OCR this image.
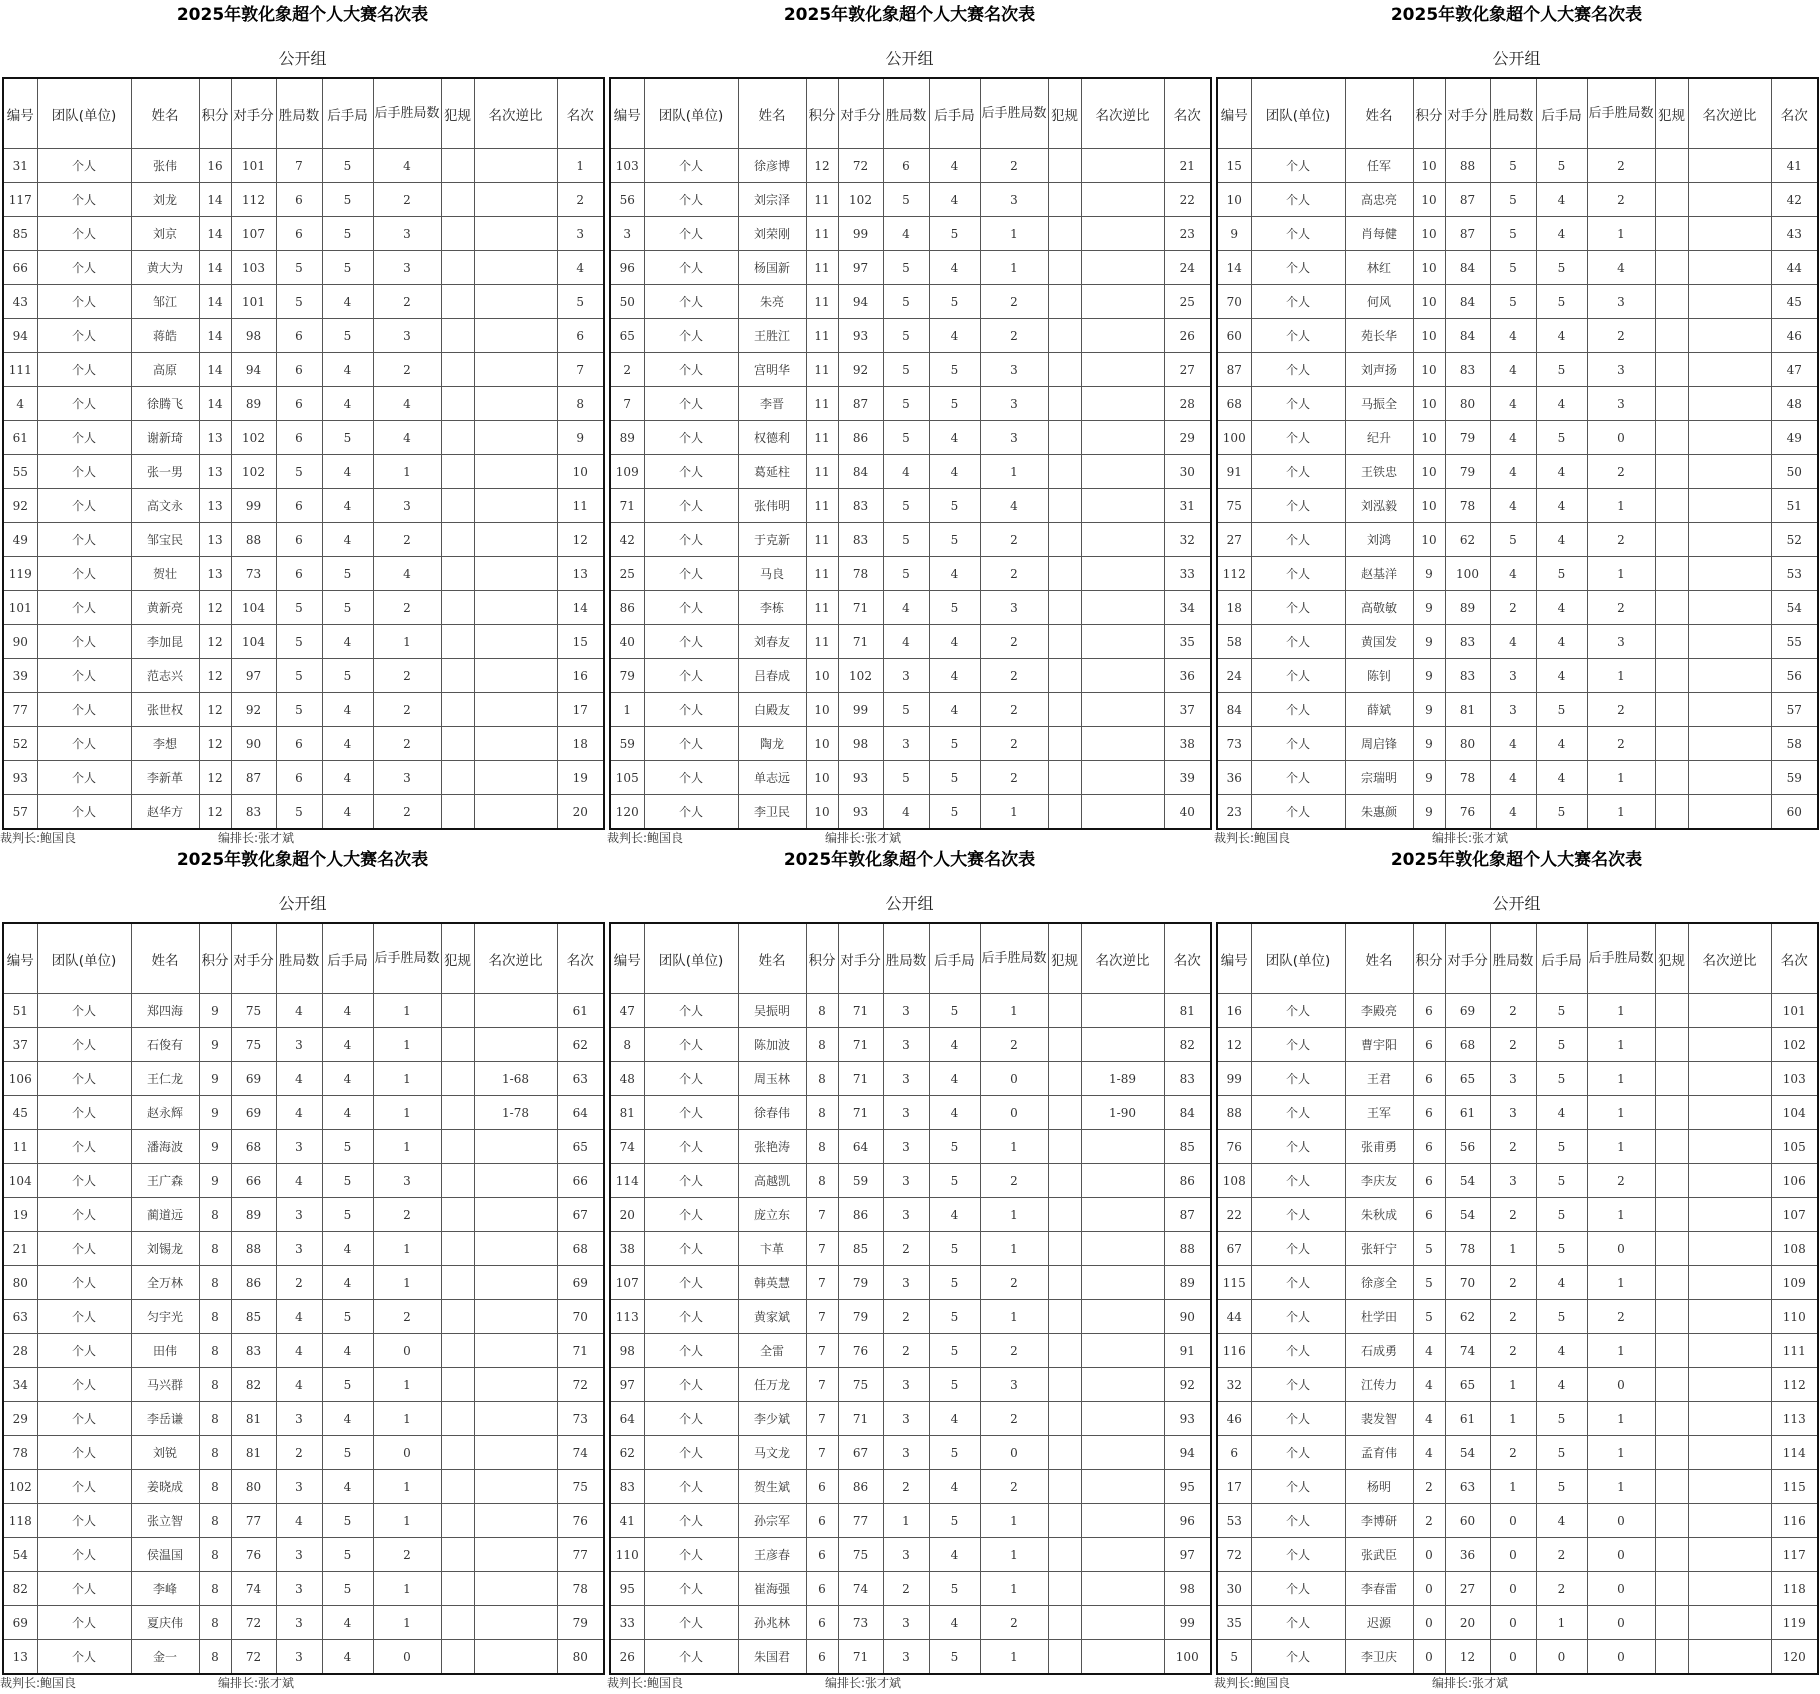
2025年敦化象超个人大赛名次表
公开组
编号	团队(单位)	姓名	积分	对手分	胜局数	后手局	后手胜局数	犯规	名次逆比	名次
31	个人	张伟	16	101	7	5	4			1
117	个人	刘龙	14	112	6	5	2			2
85	个人	刘京	14	107	6	5	3			3
66	个人	黄大为	14	103	5	5	3			4
43	个人	邹江	14	101	5	4	2			5
94	个人	蒋皓	14	98	6	5	3			6
111	个人	高原	14	94	6	4	2			7
4	个人	徐腾飞	14	89	6	4	4			8
61	个人	谢新琦	13	102	6	5	4			9
55	个人	张一男	13	102	5	4	1			10
92	个人	高文永	13	99	6	4	3			11
49	个人	邹宝民	13	88	6	4	2			12
119	个人	贺壮	13	73	6	5	4			13
101	个人	黄新亮	12	104	5	5	2			14
90	个人	李加昆	12	104	5	4	1			15
39	个人	范志兴	12	97	5	5	2			16
77	个人	张世权	12	92	5	4	2			17
52	个人	李想	12	90	6	4	2			18
93	个人	李新革	12	87	6	4	3			19
57	个人	赵华方	12	83	5	4	2			20
裁判长:鲍国良	编排长:张才斌
2025年敦化象超个人大赛名次表
公开组
编号	团队(单位)	姓名	积分	对手分	胜局数	后手局	后手胜局数	犯规	名次逆比	名次
103	个人	徐彦博	12	72	6	4	2			21
56	个人	刘宗泽	11	102	5	4	3			22
3	个人	刘荣刚	11	99	4	5	1			23
96	个人	杨国新	11	97	5	4	1			24
50	个人	朱亮	11	94	5	5	2			25
65	个人	王胜江	11	93	5	4	2			26
2	个人	宫明华	11	92	5	5	3			27
7	个人	李晋	11	87	5	5	3			28
89	个人	权德利	11	86	5	4	3			29
109	个人	葛延柱	11	84	4	4	1			30
71	个人	张伟明	11	83	5	5	4			31
42	个人	于克新	11	83	5	5	2			32
25	个人	马良	11	78	5	4	2			33
86	个人	李栋	11	71	4	5	3			34
40	个人	刘春友	11	71	4	4	2			35
79	个人	吕春成	10	102	3	4	2			36
1	个人	白殿友	10	99	5	4	2			37
59	个人	陶龙	10	98	3	5	2			38
105	个人	单志远	10	93	5	5	2			39
120	个人	李卫民	10	93	4	5	1			40
裁判长:鲍国良	编排长:张才斌
2025年敦化象超个人大赛名次表
公开组
编号	团队(单位)	姓名	积分	对手分	胜局数	后手局	后手胜局数	犯规	名次逆比	名次
15	个人	任军	10	88	5	5	2			41
10	个人	高忠亮	10	87	5	4	2			42
9	个人	肖每健	10	87	5	4	1			43
14	个人	林红	10	84	5	5	4			44
70	个人	何风	10	84	5	5	3			45
60	个人	苑长华	10	84	4	4	2			46
87	个人	刘声扬	10	83	4	5	3			47
68	个人	马振全	10	80	4	4	3			48
100	个人	纪升	10	79	4	5	0			49
91	个人	王铁忠	10	79	4	4	2			50
75	个人	刘泓毅	10	78	4	4	1			51
27	个人	刘鸿	10	62	5	4	2			52
112	个人	赵基洋	9	100	4	5	1			53
18	个人	高敬敏	9	89	2	4	2			54
58	个人	黄国发	9	83	4	4	3			55
24	个人	陈钊	9	83	3	4	1			56
84	个人	薛斌	9	81	3	5	2			57
73	个人	周启锋	9	80	4	4	2			58
36	个人	宗瑞明	9	78	4	4	1			59
23	个人	朱惠颜	9	76	4	5	1			60
裁判长:鲍国良	编排长:张才斌
2025年敦化象超个人大赛名次表
公开组
编号	团队(单位)	姓名	积分	对手分	胜局数	后手局	后手胜局数	犯规	名次逆比	名次
51	个人	郑四海	9	75	4	4	1			61
37	个人	石俊有	9	75	3	4	1			62
106	个人	王仁龙	9	69	4	4	1		1-68	63
45	个人	赵永辉	9	69	4	4	1		1-78	64
11	个人	潘海波	9	68	3	5	1			65
104	个人	王广森	9	66	4	5	3			66
19	个人	蔺道远	8	89	3	5	2			67
21	个人	刘锡龙	8	88	3	4	1			68
80	个人	全万林	8	86	2	4	1			69
63	个人	匀宇光	8	85	4	5	2			70
28	个人	田伟	8	83	4	4	0			71
34	个人	马兴群	8	82	4	5	1			72
29	个人	李岳谦	8	81	3	4	1			73
78	个人	刘锐	8	81	2	5	0			74
102	个人	姜晓成	8	80	3	4	1			75
118	个人	张立智	8	77	4	5	1			76
54	个人	侯温国	8	76	3	5	2			77
82	个人	李峰	8	74	3	5	1			78
69	个人	夏庆伟	8	72	3	4	1			79
13	个人	金一	8	72	3	4	0			80
裁判长:鲍国良	编排长:张才斌
2025年敦化象超个人大赛名次表
公开组
编号	团队(单位)	姓名	积分	对手分	胜局数	后手局	后手胜局数	犯规	名次逆比	名次
47	个人	吴振明	8	71	3	5	1			81
8	个人	陈加波	8	71	3	4	2			82
48	个人	周玉林	8	71	3	4	0		1-89	83
81	个人	徐春伟	8	71	3	4	0		1-90	84
74	个人	张艳涛	8	64	3	5	1			85
114	个人	高越凯	8	59	3	5	2			86
20	个人	庞立东	7	86	3	4	1			87
38	个人	卞革	7	85	2	5	1			88
107	个人	韩英慧	7	79	3	5	2			89
113	个人	黄家斌	7	79	2	5	1			90
98	个人	全雷	7	76	2	5	2			91
97	个人	任万龙	7	75	3	5	3			92
64	个人	李少斌	7	71	3	4	2			93
62	个人	马文龙	7	67	3	5	0			94
83	个人	贺生斌	6	86	2	4	2			95
41	个人	孙宗军	6	77	1	5	1			96
110	个人	王彦春	6	75	3	4	1			97
95	个人	崔海强	6	74	2	5	1			98
33	个人	孙兆林	6	73	3	4	2			99
26	个人	朱国君	6	71	3	5	1			100
裁判长:鲍国良	编排长:张才斌
2025年敦化象超个人大赛名次表
公开组
编号	团队(单位)	姓名	积分	对手分	胜局数	后手局	后手胜局数	犯规	名次逆比	名次
16	个人	李殿亮	6	69	2	5	1			101
12	个人	曹宇阳	6	68	2	5	1			102
99	个人	王君	6	65	3	5	1			103
88	个人	王军	6	61	3	4	1			104
76	个人	张甫勇	6	56	2	5	1			105
108	个人	李庆友	6	54	3	5	2			106
22	个人	朱秋成	6	54	2	5	1			107
67	个人	张轩宁	5	78	1	5	0			108
115	个人	徐彦全	5	70	2	4	1			109
44	个人	杜学田	5	62	2	5	2			110
116	个人	石成勇	4	74	2	4	1			111
32	个人	江传力	4	65	1	4	0			112
46	个人	裴发智	4	61	1	5	1			113
6	个人	孟育伟	4	54	2	5	1			114
17	个人	杨明	2	63	1	5	1			115
53	个人	李博研	2	60	0	4	0			116
72	个人	张武臣	0	36	0	2	0			117
30	个人	李春雷	0	27	0	2	0			118
35	个人	迟源	0	20	0	1	0			119
5	个人	李卫庆	0	12	0	0	0			120
裁判长:鲍国良	编排长:张才斌
